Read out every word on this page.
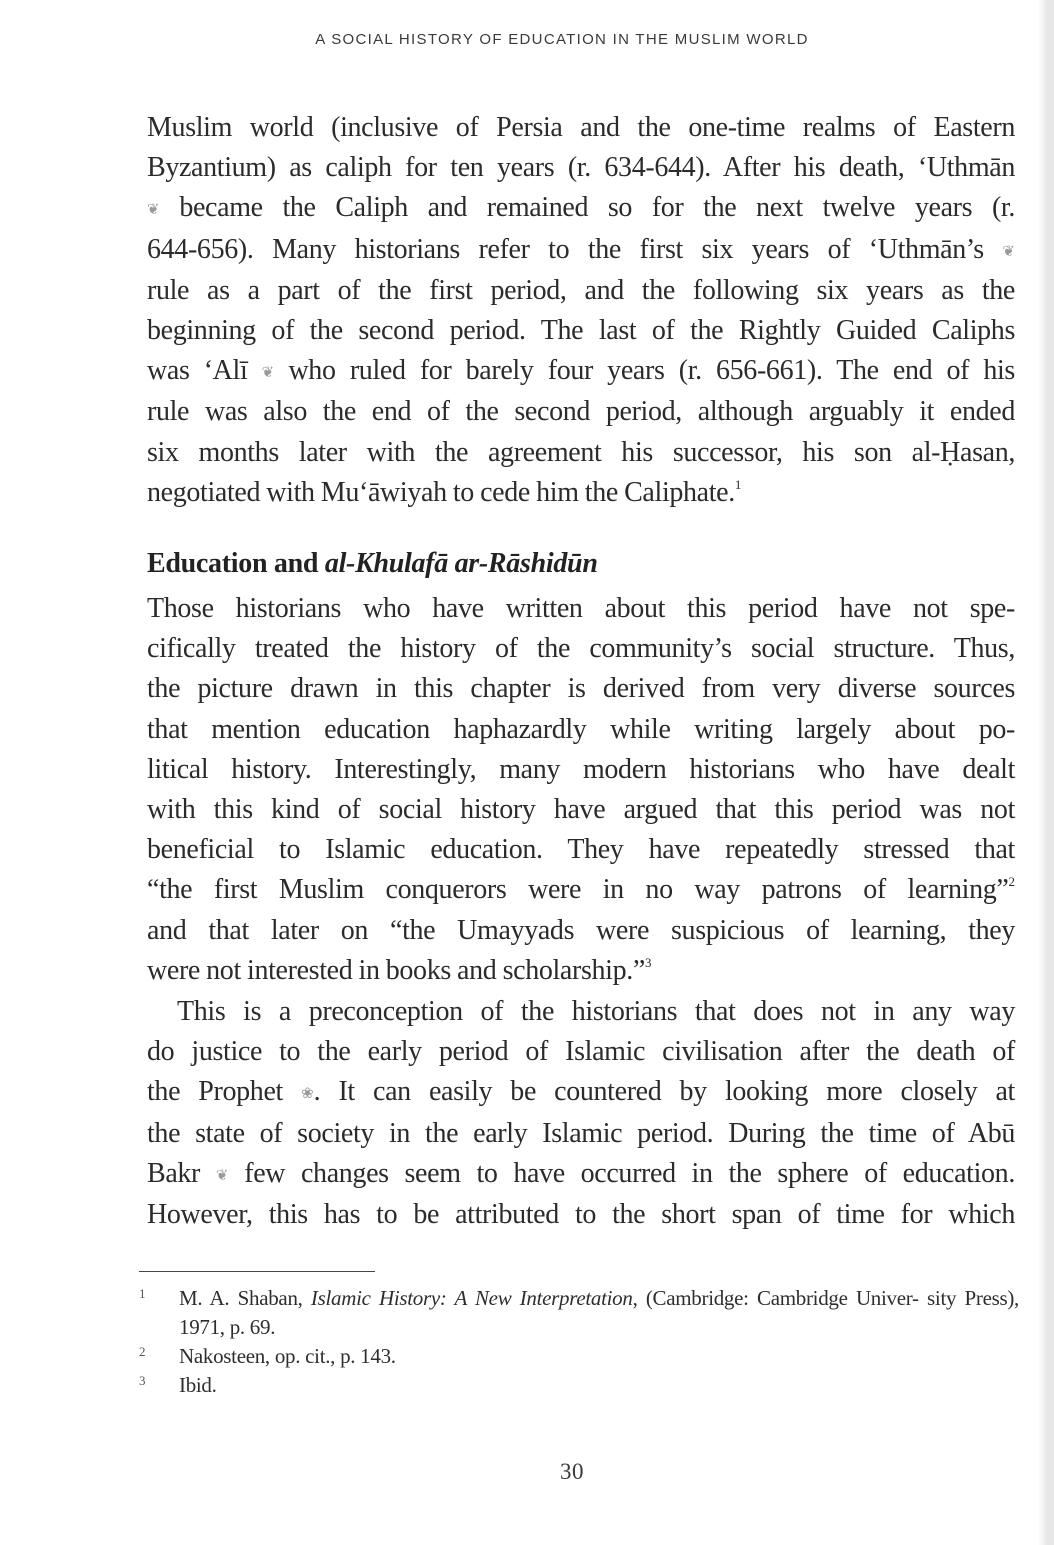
A SOCIAL HISTORY OF EDUCATION IN THE MUSLIM WORLD

Muslim world (inclusive of Persia and the one-time realms of Eastern
Byzantium) as caliph for ten years (r. 634-644). After his death, ‘Uthmān
❦ became the Caliph and remained so for the next twelve years (r.
644-656). Many historians refer to the first six years of ‘Uthmān’s ❦
rule as a part of the first period, and the following six years as the
beginning of the second period. The last of the Rightly Guided Caliphs
was ‘Alī ❦ who ruled for barely four years (r. 656-661). The end of his
rule was also the end of the second period, although arguably it ended
six months later with the agreement his successor, his son al-Ḥasan,
negotiated with Mu‘āwiyah to cede him the Caliphate.$^1$

Education and al-Khulafā ar-Rāshidūn

Those historians who have written about this period have not spe-
cifically treated the history of the community’s social structure. Thus,
the picture drawn in this chapter is derived from very diverse sources
that mention education haphazardly while writing largely about po-
litical history. Interestingly, many modern historians who have dealt
with this kind of social history have argued that this period was not
beneficial to Islamic education. They have repeatedly stressed that
“the first Muslim conquerors were in no way patrons of learning”$^2$
and that later on “the Umayyads were suspicious of learning, they
were not interested in books and scholarship.”$^3$

This is a preconception of the historians that does not in any way
do justice to the early period of Islamic civilisation after the death of
the Prophet ❀. It can easily be countered by looking more closely at
the state of society in the early Islamic period. During the time of Abū
Bakr ❦ few changes seem to have occurred in the sphere of education.
However, this has to be attributed to the short span of time for which

1	M. A. Shaban, Islamic History: A New Interpretation, (Cambridge: Cambridge Univer- sity Press), 1971, p. 69.
2	Nakosteen, op. cit., p. 143.
3	Ibid.
30
